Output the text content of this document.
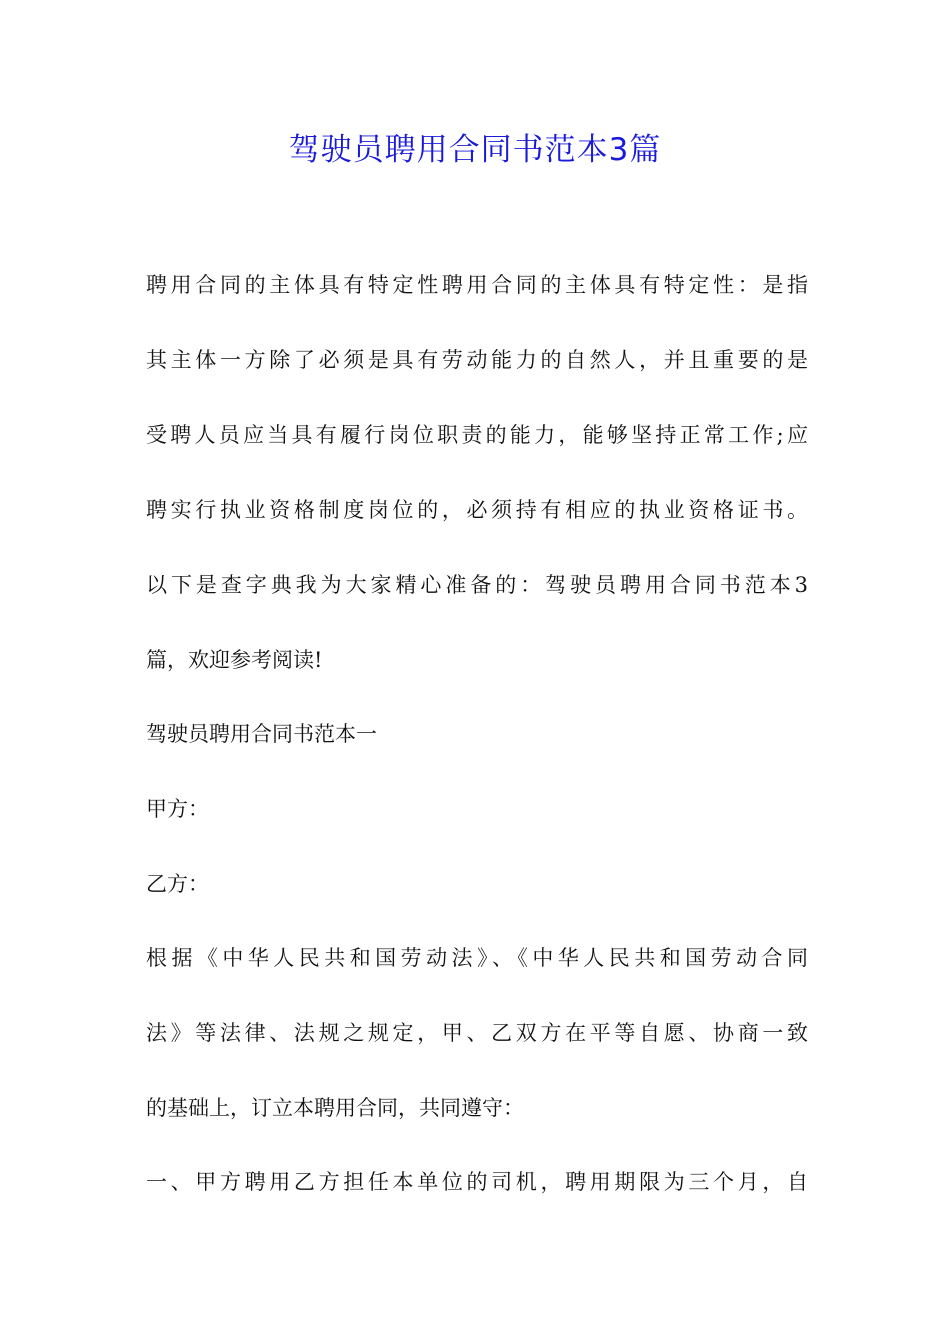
驾驶员聘用合同书范本3篇
聘用合同的主体具有特定性聘用合同的主体具有特定性：是指
其主体一方除了必须是具有劳动能力的自然人，并且重要的是
受聘人员应当具有履行岗位职责的能力，能够坚持正常工作;应
聘实行执业资格制度岗位的，必须持有相应的执业资格证书。
以下是查字典我为大家精心准备的：驾驶员聘用合同书范本3
篇，欢迎参考阅读!
驾驶员聘用合同书范本一
甲方：
乙方：
根据《中华人民共和国劳动法》、《中华人民共和国劳动合同
法》等法律、法规之规定，甲、乙双方在平等自愿、协商一致
的基础上，订立本聘用合同，共同遵守：
一、甲方聘用乙方担任本单位的司机，聘用期限为三个月，自
